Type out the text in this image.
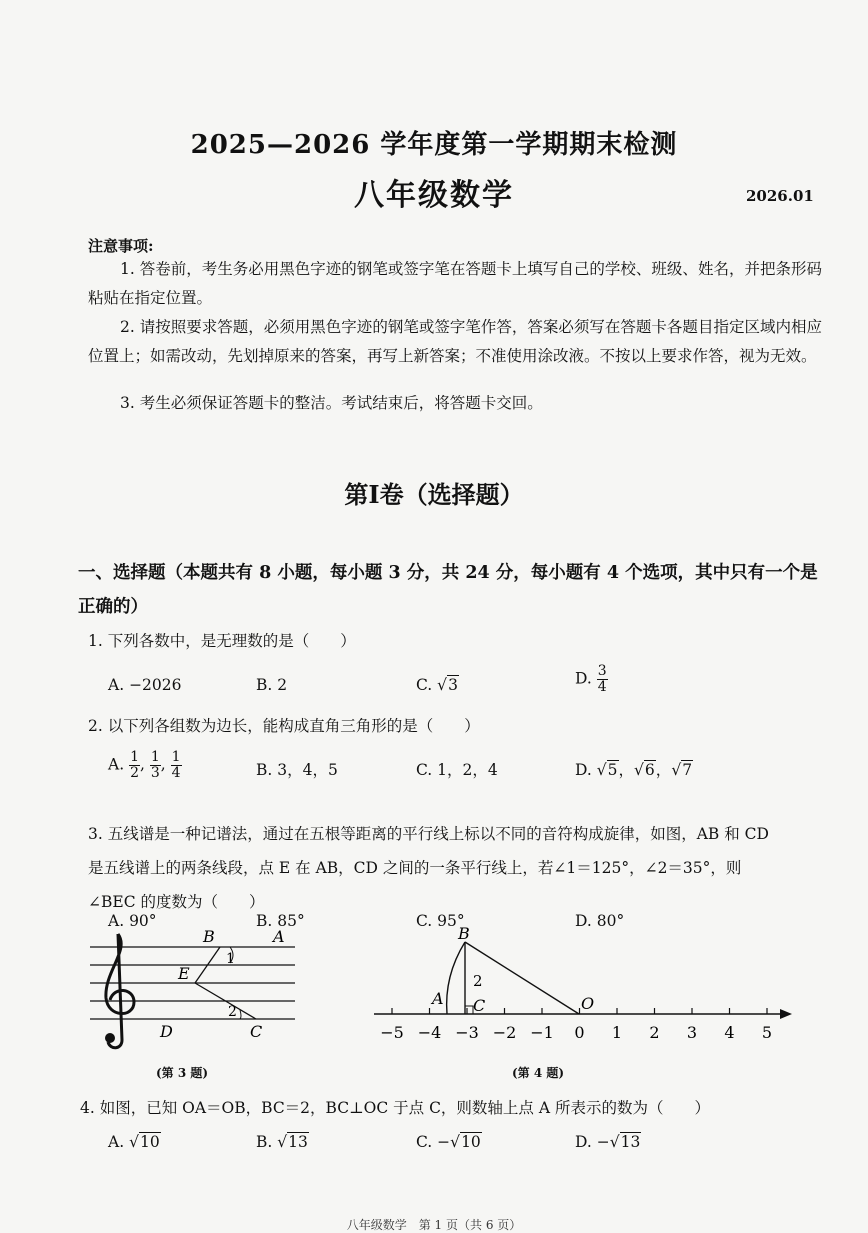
2025—2026 学年度第一学期期末检测
八年级数学	2026.01
注意事项:
1. 答卷前，考生务必用黑色字迹的钢笔或签字笔在答题卡上填写自己的学校、班级、姓名，并把条形码粘贴在指定位置。
2. 请按照要求答题，必须用黑色字迹的钢笔或签字笔作答，答案必须写在答题卡各题目指定区域内相应位置上；如需改动，先划掉原来的答案，再写上新答案；不准使用涂改液。不按以上要求作答，视为无效。
3. 考生必须保证答题卡的整洁。考试结束后，将答题卡交回。
第I卷（选择题）
一、选择题（本题共有 8 小题，每小题 3 分，共 24 分，每小题有 4 个选项，其中只有一个是正确的）
1. 下列各数中，是无理数的是（　　）
A. −2026	B. 2	C. √3	D. $\frac{3}{4}$
2. 以下列各组数为边长，能构成直角三角形的是（　　）
A. $\frac{1}{2}$ , $\frac{1}{3}$ , $\frac{1}{4}$	B. 3，4，5	C. 1，2，4	D. √5，√6，√7
3. 五线谱是一种记谱法，通过在五根等距离的平行线上标以不同的音符构成旋律，如图，AB 和 CD
是五线谱上的两条线段，点 E 在 AB，CD 之间的一条平行线上，若∠1＝125°，∠2＝35°，则
∠BEC 的度数为（　　）
A. 90°	B. 85°	C. 95°	D. 80°
B	A
E
1
2
D	C
(第 3 题)
−5 −4 −3 −2 −1 0 1 2 3 4 5
B
A C
2
O
(第 4 题)
4. 如图，已知 OA＝OB，BC＝2，BC⊥OC 于点 C，则数轴上点 A 所表示的数为（　　）
A. √10	B. √13	C. −√10	D. −√13
八年级数学　第 1 页（共 6 页）
